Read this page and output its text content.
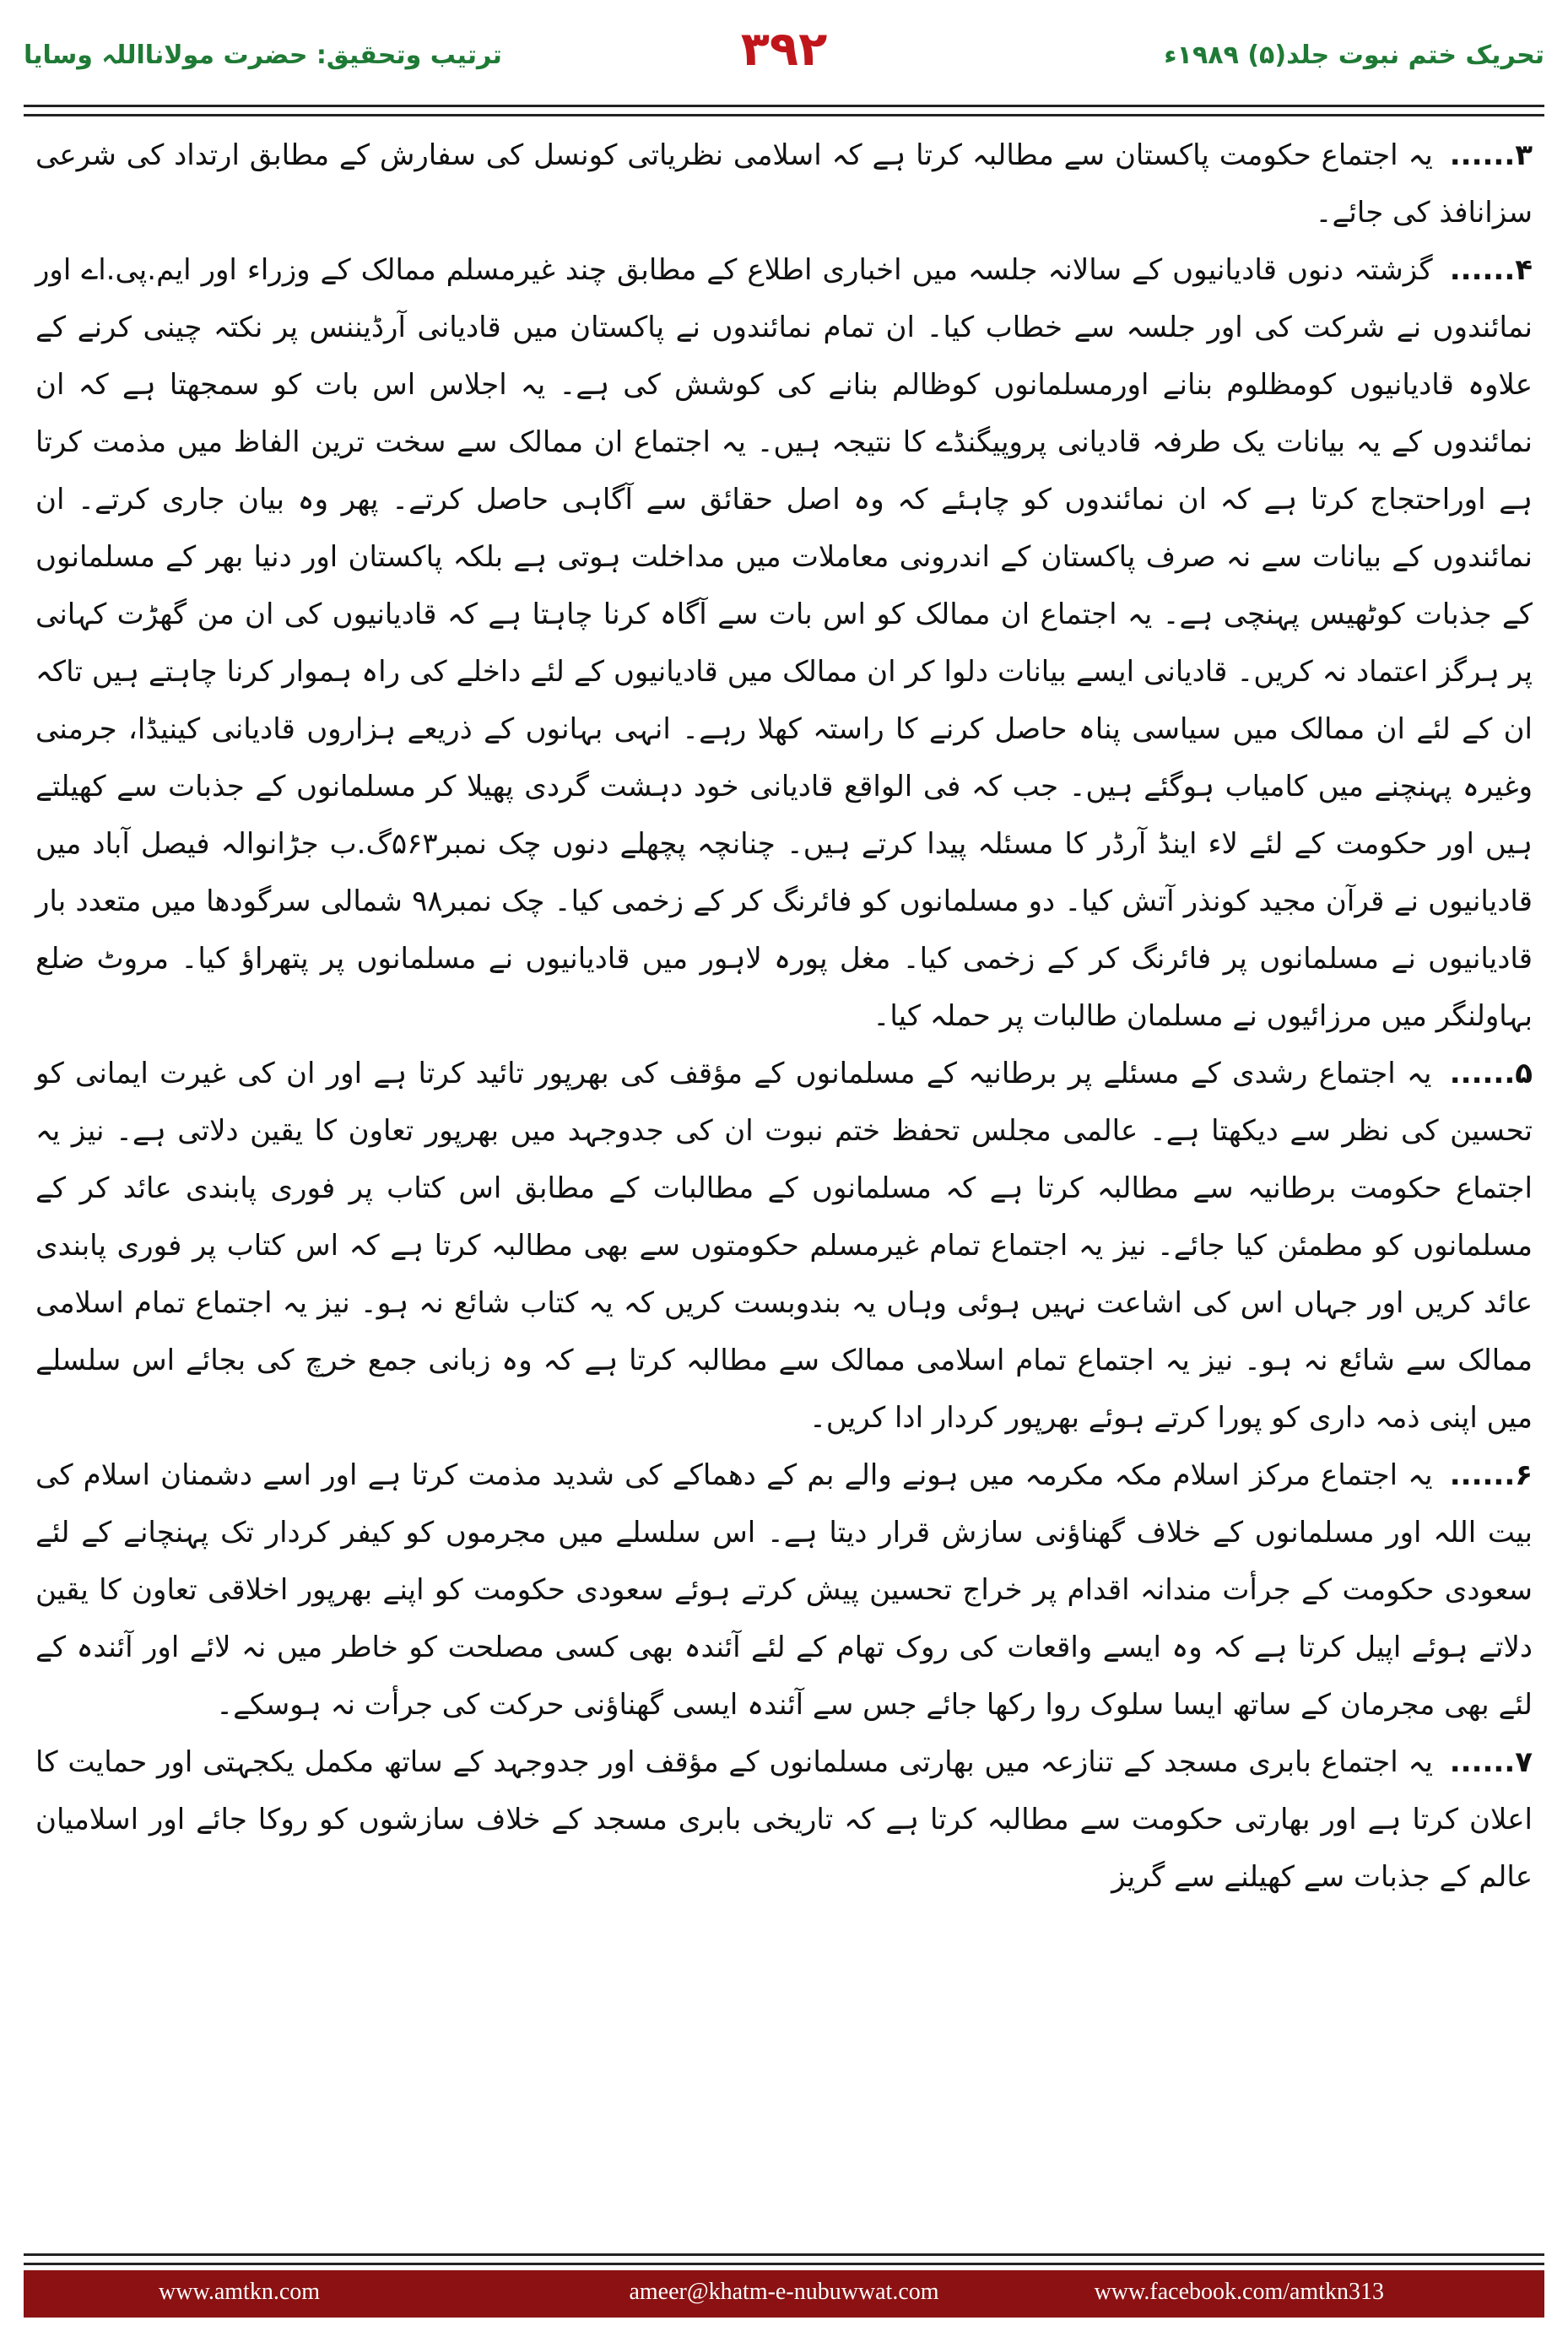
ترتیب وتحقیق: حضرت مولانااللہ وسایا	۳۹۲	تحریک ختم نبوت جلد(۵) ۱۹۸۹ء

۳...... یہ اجتماع حکومت پاکستان سے مطالبہ کرتا ہے کہ اسلامی نظریاتی کونسل کی سفارش کے مطابق ارتداد کی شرعی سزانافذ کی جائے۔

۴...... گزشتہ دنوں قادیانیوں کے سالانہ جلسہ میں اخباری اطلاع کے مطابق چند غیرمسلم ممالک کے وزراء اور ایم.پی.اے اور نمائندوں نے شرکت کی اور جلسہ سے خطاب کیا۔ ان تمام نمائندوں نے پاکستان میں قادیانی آرڈیننس پر نکتہ چینی کرنے کے علاوہ قادیانیوں کومظلوم بنانے اورمسلمانوں کوظالم بنانے کی کوشش کی ہے۔ یہ اجلاس اس بات کو سمجھتا ہے کہ ان نمائندوں کے یہ بیانات یک طرفہ قادیانی پروپیگنڈے کا نتیجہ ہیں۔ یہ اجتماع ان ممالک سے سخت ترین الفاظ میں مذمت کرتا ہے اوراحتجاج کرتا ہے کہ ان نمائندوں کو چاہئے کہ وہ اصل حقائق سے آگاہی حاصل کرتے۔ پھر وہ بیان جاری کرتے۔ ان نمائندوں کے بیانات سے نہ صرف پاکستان کے اندرونی معاملات میں مداخلت ہوتی ہے بلکہ پاکستان اور دنیا بھر کے مسلمانوں کے جذبات کوٹھیس پہنچی ہے۔ یہ اجتماع ان ممالک کو اس بات سے آگاہ کرنا چاہتا ہے کہ قادیانیوں کی ان من گھڑت کہانی پر ہرگز اعتماد نہ کریں۔ قادیانی ایسے بیانات دلوا کر ان ممالک میں قادیانیوں کے لئے داخلے کی راہ ہموار کرنا چاہتے ہیں تاکہ ان کے لئے ان ممالک میں سیاسی پناہ حاصل کرنے کا راستہ کھلا رہے۔ انہی بہانوں کے ذریعے ہزاروں قادیانی کینیڈا، جرمنی وغیرہ پہنچنے میں کامیاب ہوگئے ہیں۔ جب کہ فی الواقع قادیانی خود دہشت گردی پھیلا کر مسلمانوں کے جذبات سے کھیلتے ہیں اور حکومت کے لئے لاء اینڈ آرڈر کا مسئلہ پیدا کرتے ہیں۔ چنانچہ پچھلے دنوں چک نمبر۵۶۳گ.ب جڑانوالہ فیصل آباد میں قادیانیوں نے قرآن مجید کونذر آتش کیا۔ دو مسلمانوں کو فائرنگ کر کے زخمی کیا۔ چک نمبر۹۸ شمالی سرگودھا میں متعدد بار قادیانیوں نے مسلمانوں پر فائرنگ کر کے زخمی کیا۔ مغل پورہ لاہور میں قادیانیوں نے مسلمانوں پر پتھراؤ کیا۔ مروٹ ضلع بہاولنگر میں مرزائیوں نے مسلمان طالبات پر حملہ کیا۔

۵...... یہ اجتماع رشدی کے مسئلے پر برطانیہ کے مسلمانوں کے مؤقف کی بھرپور تائید کرتا ہے اور ان کی غیرت ایمانی کو تحسین کی نظر سے دیکھتا ہے۔ عالمی مجلس تحفظ ختم نبوت ان کی جدوجہد میں بھرپور تعاون کا یقین دلاتی ہے۔ نیز یہ اجتماع حکومت برطانیہ سے مطالبہ کرتا ہے کہ مسلمانوں کے مطالبات کے مطابق اس کتاب پر فوری پابندی عائد کر کے مسلمانوں کو مطمئن کیا جائے۔ نیز یہ اجتماع تمام غیرمسلم حکومتوں سے بھی مطالبہ کرتا ہے کہ اس کتاب پر فوری پابندی عائد کریں اور جہاں اس کی اشاعت نہیں ہوئی وہاں یہ بندوبست کریں کہ یہ کتاب شائع نہ ہو۔ نیز یہ اجتماع تمام اسلامی ممالک سے شائع نہ ہو۔ نیز یہ اجتماع تمام اسلامی ممالک سے مطالبہ کرتا ہے کہ وہ زبانی جمع خرچ کی بجائے اس سلسلے میں اپنی ذمہ داری کو پورا کرتے ہوئے بھرپور کردار ادا کریں۔

۶...... یہ اجتماع مرکز اسلام مکہ مکرمہ میں ہونے والے بم کے دھماکے کی شدید مذمت کرتا ہے اور اسے دشمنان اسلام کی بیت اللہ اور مسلمانوں کے خلاف گھناؤنی سازش قرار دیتا ہے۔ اس سلسلے میں مجرموں کو کیفر کردار تک پہنچانے کے لئے سعودی حکومت کے جرأت مندانہ اقدام پر خراج تحسین پیش کرتے ہوئے سعودی حکومت کو اپنے بھرپور اخلاقی تعاون کا یقین دلاتے ہوئے اپیل کرتا ہے کہ وہ ایسے واقعات کی روک تھام کے لئے آئندہ بھی کسی مصلحت کو خاطر میں نہ لائے اور آئندہ کے لئے بھی مجرمان کے ساتھ ایسا سلوک روا رکھا جائے جس سے آئندہ ایسی گھناؤنی حرکت کی جرأت نہ ہوسکے۔

۷...... یہ اجتماع بابری مسجد کے تنازعہ میں بھارتی مسلمانوں کے مؤقف اور جدوجہد کے ساتھ مکمل یکجہتی اور حمایت کا اعلان کرتا ہے اور بھارتی حکومت سے مطالبہ کرتا ہے کہ تاریخی بابری مسجد کے خلاف سازشوں کو روکا جائے اور اسلامیان عالم کے جذبات سے کھیلنے سے گریز

www.amtkn.com	ameer@khatm-e-nubuwwat.com	www.facebook.com/amtkn313
